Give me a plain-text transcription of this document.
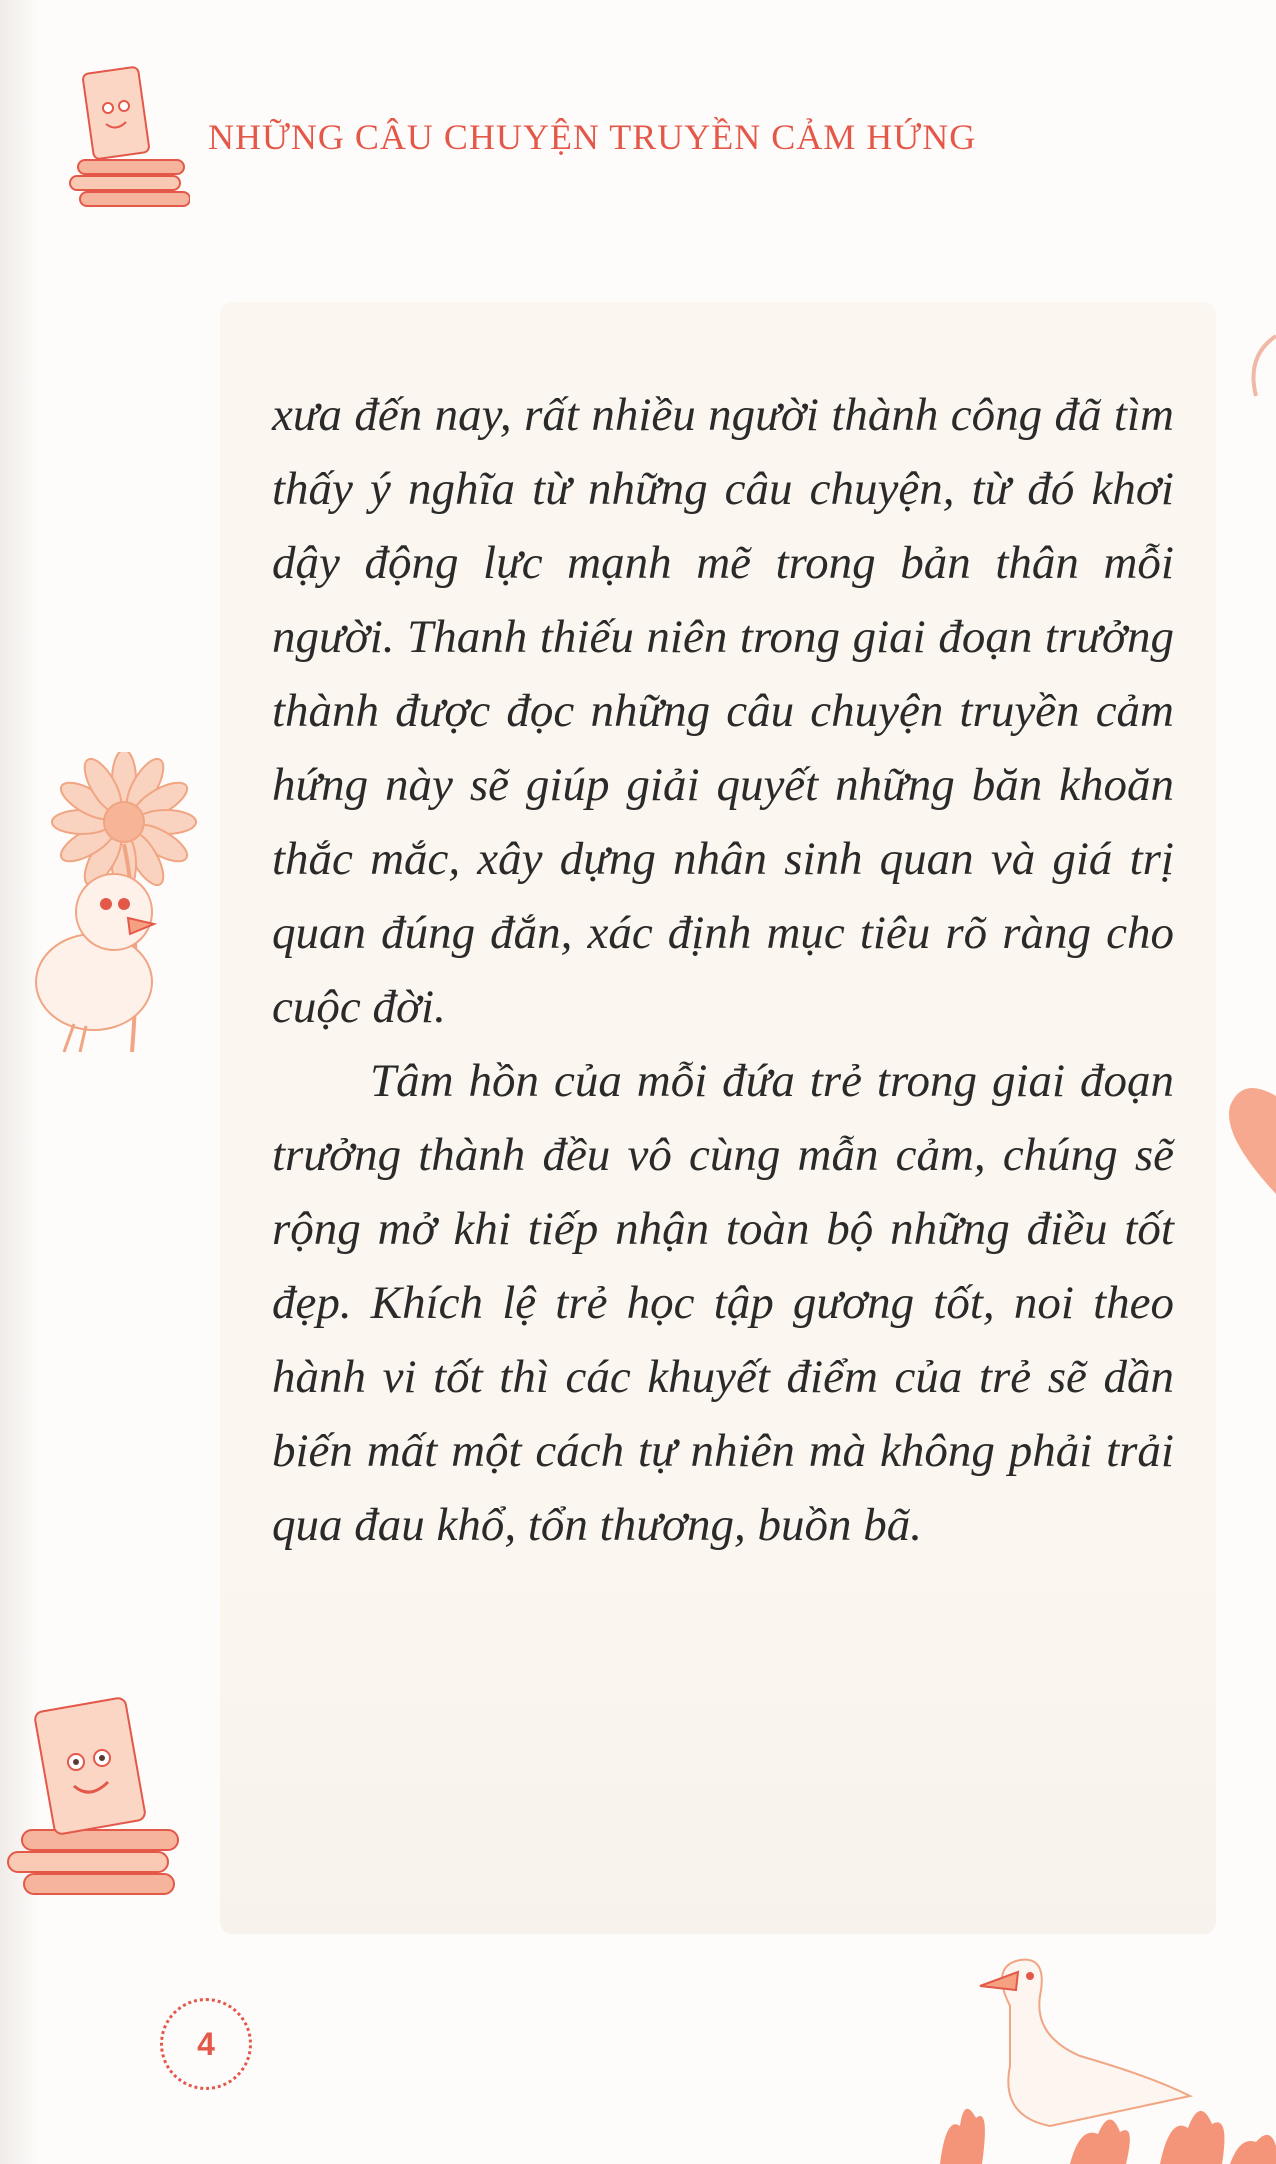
NHỮNG CÂU CHUYỆN TRUYỀN CẢM HỨNG

xưa đến nay, rất nhiều người thành công đã tìm thấy ý nghĩa từ những câu chuyện, từ đó khơi dậy động lực mạnh mẽ trong bản thân mỗi người. Thanh thiếu niên trong giai đoạn trưởng thành được đọc những câu chuyện truyền cảm hứng này sẽ giúp giải quyết những băn khoăn thắc mắc, xây dựng nhân sinh quan và giá trị quan đúng đắn, xác định mục tiêu rõ ràng cho cuộc đời.

Tâm hồn của mỗi đứa trẻ trong giai đoạn trưởng thành đều vô cùng mẫn cảm, chúng sẽ rộng mở khi tiếp nhận toàn bộ những điều tốt đẹp. Khích lệ trẻ học tập gương tốt, noi theo hành vi tốt thì các khuyết điểm của trẻ sẽ dần biến mất một cách tự nhiên mà không phải trải qua đau khổ, tổn thương, buồn bã.

4
